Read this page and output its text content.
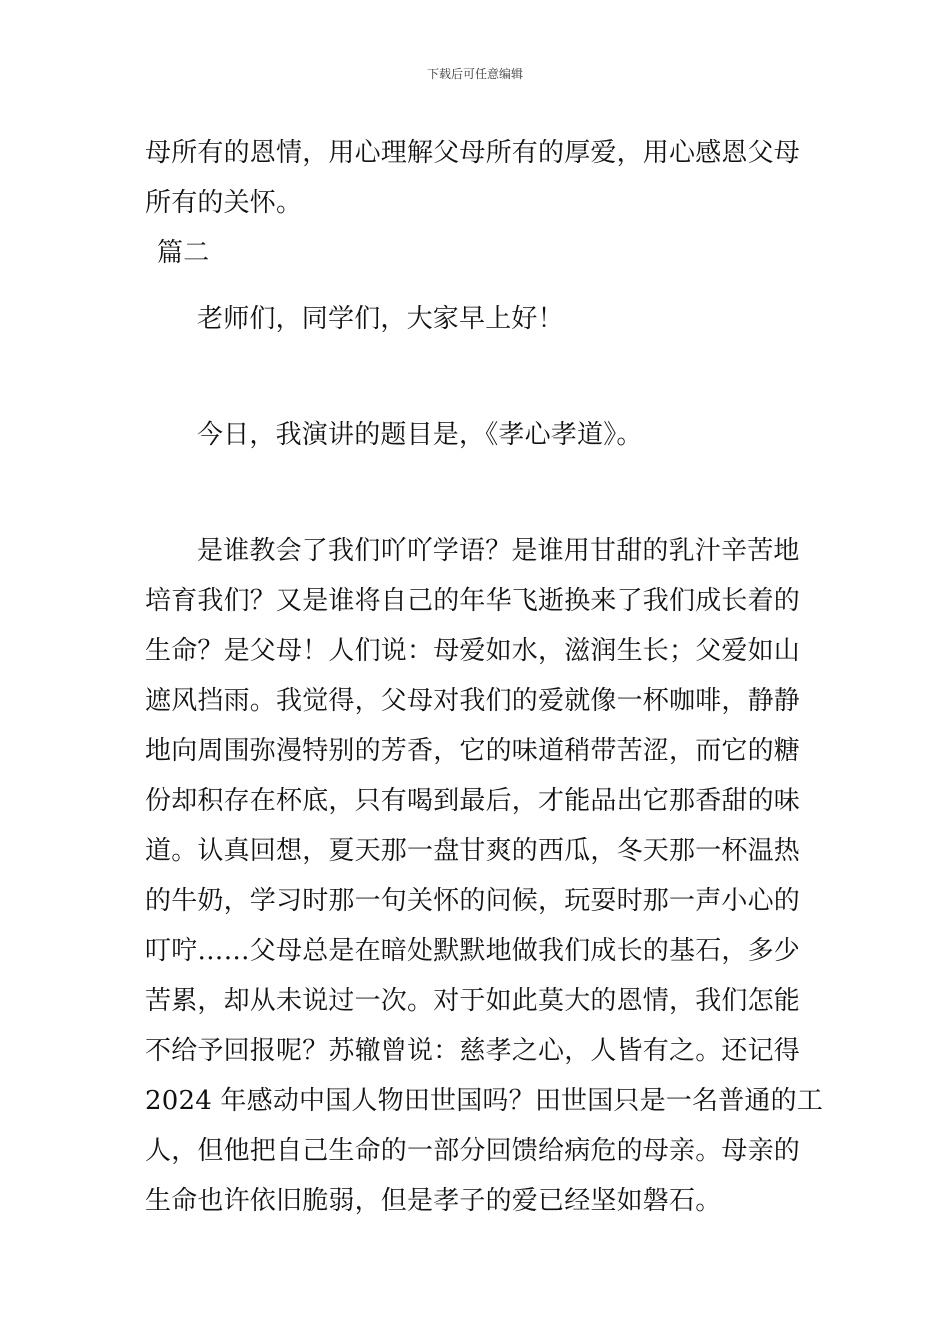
下载后可任意编辑
母所有的恩情，用心理解父母所有的厚爱，用心感恩父母
所有的关怀。
篇二
老师们，同学们，大家早上好！
今日，我演讲的题目是，《孝心孝道》。
是谁教会了我们吖吖学语？是谁用甘甜的乳汁辛苦地
培育我们？又是谁将自己的年华飞逝换来了我们成长着的
生命？是父母！人们说：母爱如水，滋润生长；父爱如山
遮风挡雨。我觉得，父母对我们的爱就像一杯咖啡，静静
地向周围弥漫特别的芳香，它的味道稍带苦涩，而它的糖
份却积存在杯底，只有喝到最后，才能品出它那香甜的味
道。认真回想，夏天那一盘甘爽的西瓜，冬天那一杯温热
的牛奶，学习时那一句关怀的问候，玩耍时那一声小心的
叮咛……父母总是在暗处默默地做我们成长的基石，多少
苦累，却从未说过一次。对于如此莫大的恩情，我们怎能
不给予回报呢？苏辙曾说：慈孝之心，人皆有之。还记得
2024 年感动中国人物田世国吗？田世国只是一名普通的工
人，但他把自己生命的一部分回馈给病危的母亲。母亲的
生命也许依旧脆弱，但是孝子的爱已经坚如磐石。
